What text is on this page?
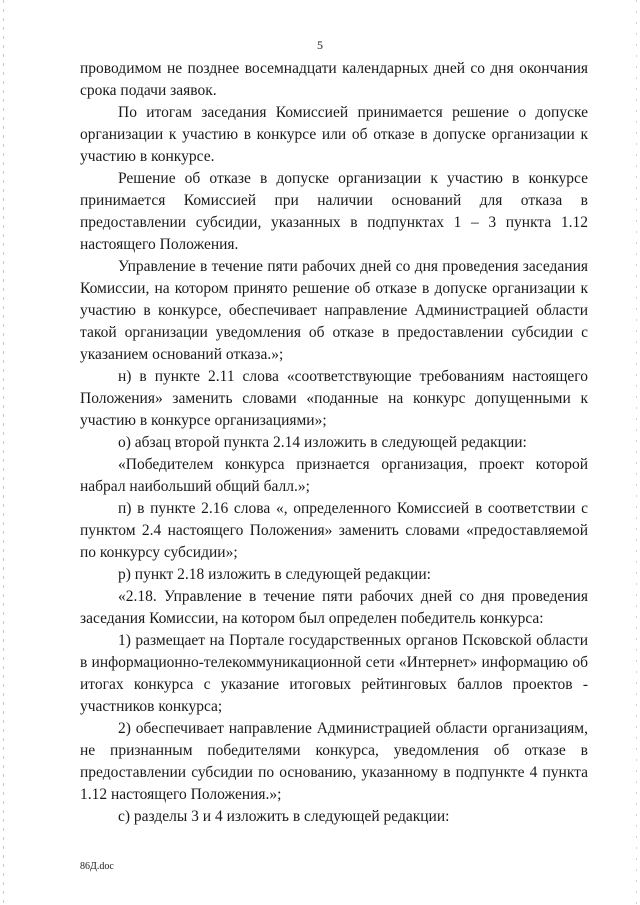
5

проводимом не позднее восемнадцати календарных дней со дня окончания срока подачи заявок.

По итогам заседания Комиссией принимается решение о допуске организации к участию в конкурсе или об отказе в допуске организации к участию в конкурсе.

Решение об отказе в допуске организации к участию в конкурсе принимается Комиссией при наличии оснований для отказа в предоставлении субсидии, указанных в подпунктах 1 – 3 пункта 1.12 настоящего Положения.

Управление в течение пяти рабочих дней со дня проведения заседания Комиссии, на котором принято решение об отказе в допуске организации к участию в конкурсе, обеспечивает направление Администрацией области такой организации уведомления об отказе в предоставлении субсидии с указанием оснований отказа.»;

н) в пункте 2.11 слова «соответствующие требованиям настоящего Положения» заменить словами «поданные на конкурс допущенными к участию в конкурсе организациями»;

о) абзац второй пункта 2.14 изложить в следующей редакции:

«Победителем конкурса признается организация, проект которой набрал наибольший общий балл.»;

п) в пункте 2.16 слова «, определенного Комиссией в соответствии с пунктом 2.4 настоящего Положения» заменить словами «предоставляемой по конкурсу субсидии»;

р) пункт 2.18 изложить в следующей редакции:

«2.18. Управление в течение пяти рабочих дней со дня проведения заседания Комиссии, на котором был определен победитель конкурса:

1) размещает на Портале государственных органов Псковской области в информационно-телекоммуникационной сети «Интернет» информацию об итогах конкурса с указание итоговых рейтинговых баллов проектов - участников конкурса;

2) обеспечивает направление Администрацией области организациям, не признанным победителями конкурса, уведомления об отказе в предоставлении субсидии по основанию, указанному в подпункте 4 пункта 1.12 настоящего Положения.»;

с) разделы 3 и 4 изложить в следующей редакции:

86Д.doc
